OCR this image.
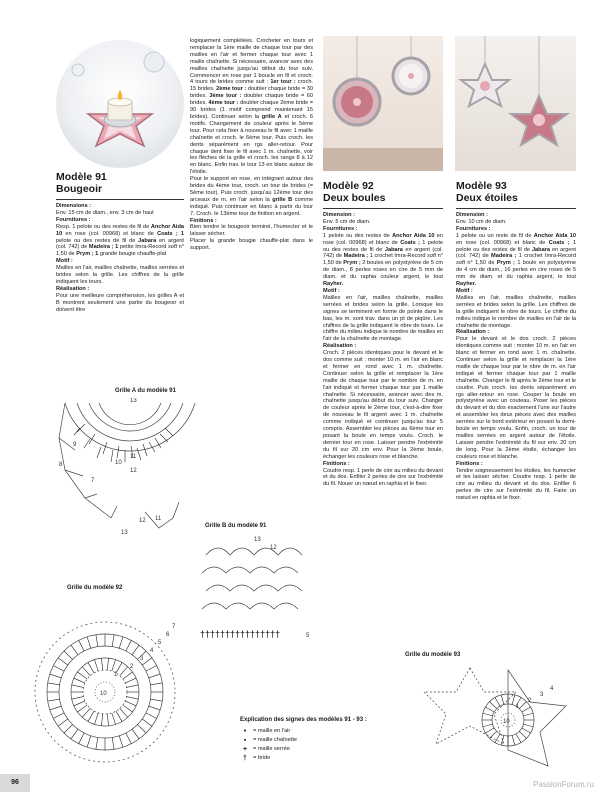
Modèle 91
Bougeoir

Dimensions :

Env. 15 cm de diam., env. 3 cm de haut

Fournitures :

Resp. 1 pelote ou des restes de fil de Anchor Aida 10 en rose (col. 00968) et blanc de Coats ; 1 pelote ou des restes de fil de Jabara en argent (col. 742) de Madeira ; 1 petite Imra-Record soft n° 1,50 de Prym ; 1 grande bougie chauffe-plat

Motif :

Mailles en l'air, mailles chaînette, mailles serrées et brides selon la grille. Les chiffres de la grille indiquent les tours.

Réalisation :

Pour une meilleure compréhension, les grilles A et B montrent seulement une partie du bougeoir et doivent être

logiquement complétées. Crocheter en tours et remplacer la 1ère maille de chaque tour par des mailles en l'air et fermer chaque tour avec 1 maille chaînette. Si nécessaire, avancer avec des mailles chaînette jusqu'au début du tour suiv. Commencer en rose par 1 boucle en fil et croch. 4 tours de brides comme suit : 1er tour : croch. 15 brides. 2ème tour : doubler chaque bride = 30 brides. 3ème tour : doubler chaque bride = 60 brides. 4ème tour : doubler chaque 2ème bride = 90 brides (1 motif comprend maintenant 15 brides). Continuer selon la grille A et croch. 6 motifs. Changement de couleur après le 5ème tour. Pour cela fixer à nouveau le fil avec 1 maille chaînette et croch. le 6ème tour. Puis croch. les dents séparément en rgs aller-retour. Pour chaque dent fixer le fil avec 1 m. chaînette, voir les flèches de la grille et croch. les rangs 8 à 12 en blanc. Enfin trav. le tour 13 en blanc autour de l'étoile.

Pour le support en rose, en intégrant autour des brides du 4ème tour, croch. un tour de brides (= 5ème tour). Puis croch. jusqu'au 12ème tour des arceaux de m. en l'air selon la grille B comme indiqué. Puis continuer en blanc à partir du tour 7. Croch. le 13ème tour de finition en argent.

Finitions :

Bien tendre le bougeoir terminé, l'humecter et le laisser sécher.

Placer la grande bougie chauffe-plat dans le support.

Modèle 92
Deux boules

Dimension :

Env. 5 cm de diam.

Fournitures :

1 pelote ou des restes de Anchor Aida 10 en rose (col. 00968) et blanc de Coats ; 1 pelote ou des restes de fil de Jabara en argent (col. 742) de Madeira ; 1 crochet Imra-Record soft n° 1,50 de Prym ; 2 boules en polystyrène de 5 cm de diam., 8 perles roses en cire de 5 mm de diam. et du raphia couleur argent, le tout Rayher.

Motif :

Mailles en l'air, mailles chaînette, mailles serrées et brides selon la grille. Lorsque les signes se terminent en forme de pointe dans le bas, les m. sont trav. dans un pt de piqûre. Les chiffres de la grille indiquent le nbre de tours. Le chiffre du milieu indique le nombre de mailles en l'air de la chaînette de montage.

Réalisation :

Croch. 2 pièces identiques pour le devant et le dos comme suit : monter 10 m. en l'air en blanc et fermer en rond avec 1 m. chaînette. Continuer selon la grille et remplacer la 1ère maille de chaque tour par le nombre de m. en l'air indiqué et fermer chaque tour par 1 maille chaînette. Si nécessaire, avancer avec des m. chaînette jusqu'au début du tour suiv. Changer de couleur après le 2ème tour, c'est-à-dire fixer de nouveau le fil argent avec 1 m. chaînette comme indiqué et continuer jusqu'au tour 5 compris. Assembler les pièces au 6ème tour en posant la boule en temps voulu. Croch. le dernier tour en rose. Laisser pendre l'extrémité du fil sur 20 cm env. Pour la 2ème boule, échanger les couleurs rose et blanche.

Finitions :

Coudre resp. 1 perle de cire au milieu du devant et du dos. Enfiler 2 perles de cire sur l'extrémité du fil. Nouer un nœud en raphia et le fixer.

Modèle 93
Deux étoiles

Dimension :

Env. 10 cm de diam.

Fournitures :

1 pelote ou un reste de fil de Anchor Aida 10 en rose (col. 00968) et blanc de Coats ; 1 pelote ou des restes de fil de Jabara en argent (col. 742) de Madeira ; 1 crochet Imra-Record soft n° 1,50 de Prym ; 1 boule en polystyrène de 4 cm de diam., 16 perles en cire roses de 5 mm de diam. et du raphia argent, le tout Rayher.

Motif :

Mailles en l'air, mailles chaînette, mailles serrées et brides selon la grille. Les chiffres de la grille indiquent le nbre de tours. Le chiffre du milieu indique le nombre de mailles en l'air de la chaînette de montage.

Réalisation :

Pour le devant et le dos croch. 2 pièces identiques comme suit : monter 10 m. en l'air en blanc et fermer en rond avec 1 m. chaînette. Continuer selon la grille et remplacer la 1ère maille de chaque tour par le nbre de m. en l'air indiqué et fermer chaque tour par 1 maille chaînette. Changer le fil après le 2ème tour et le coudre. Puis croch. les dents séparément en rgs aller-retour en rose. Couper la boule en polystyrène avec un couteau. Poser les pièces du devant et du dos exactement l'une sur l'autre et assembler les deux pièces avec des mailles serrées sur le bord extérieur en posant la demi-boule en temps voulu. Enfin, croch. un tour de mailles serrées en argent autour de l'étoile. Laisser pendre l'extrémité du fil sur env. 20 cm de long. Pour la 2ème étoile, échanger les couleurs rose et blanche.

Finitions :

Tendre soigneusement les étoiles, les humecter et les laisser sécher. Coudre resp. 1 perle de cire au milieu du devant et du dos. Enfiler 6 perles de cire sur l'extrémité du fil. Faire un nœud en raphia et le fixer.

Grille A du modèle 91
13
12
11
10
9
8
7
12 11
13
Grille B du modèle 91
††††††††††††††††
13
12
5
Grille du modèle 92
10
1
2
3
4
5
6
7
Explication des signes des modèles 91 - 93 :
•	= maille en l'air
▪	= maille chaînette
+	= maille serrée
†	= bride
Grille du modèle 93
10
1
2
3
4
96	PassionForum.ru
